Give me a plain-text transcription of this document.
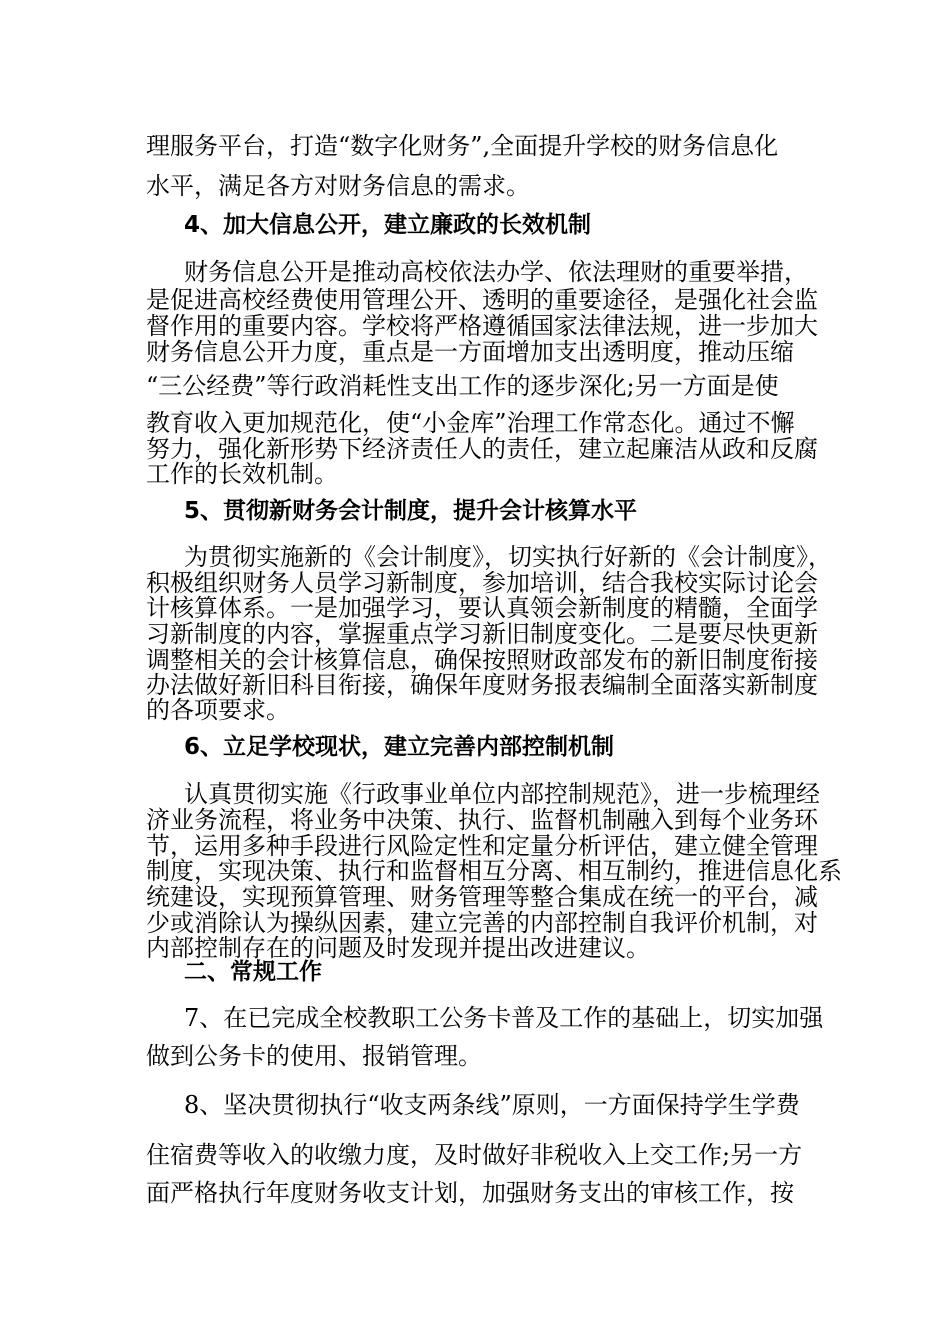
理服务平台，打造“数字化财务”,全面提升学校的财务信息化
水平，满足各方对财务信息的需求。
4、加大信息公开，建立廉政的长效机制
财务信息公开是推动高校依法办学、依法理财的重要举措，
是促进高校经费使用管理公开、透明的重要途径，是强化社会监
督作用的重要内容。学校将严格遵循国家法律法规，进一步加大
财务信息公开力度，重点是一方面增加支出透明度，推动压缩
“三公经费”等行政消耗性支出工作的逐步深化;另一方面是使
教育收入更加规范化，使“小金库”治理工作常态化。通过不懈
努力，强化新形势下经济责任人的责任，建立起廉洁从政和反腐
工作的长效机制。
5、贯彻新财务会计制度，提升会计核算水平
为贯彻实施新的《会计制度》，切实执行好新的《会计制度》，
积极组织财务人员学习新制度，参加培训，结合我校实际讨论会
计核算体系。一是加强学习，要认真领会新制度的精髓，全面学
习新制度的内容，掌握重点学习新旧制度变化。二是要尽快更新
调整相关的会计核算信息，确保按照财政部发布的新旧制度衔接
办法做好新旧科目衔接，确保年度财务报表编制全面落实新制度
的各项要求。
6、立足学校现状，建立完善内部控制机制
认真贯彻实施《行政事业单位内部控制规范》，进一步梳理经
济业务流程，将业务中决策、执行、监督机制融入到每个业务环
节，运用多种手段进行风险定性和定量分析评估，建立健全管理
制度，实现决策、执行和监督相互分离、相互制约，推进信息化系
统建设，实现预算管理、财务管理等整合集成在统一的平台，减
少或消除认为操纵因素，建立完善的内部控制自我评价机制，对
内部控制存在的问题及时发现并提出改进建议。
二、常规工作
7、在已完成全校教职工公务卡普及工作的基础上，切实加强
做到公务卡的使用、报销管理。
8、坚决贯彻执行“收支两条线”原则，一方面保持学生学费
住宿费等收入的收缴力度，及时做好非税收入上交工作;另一方
面严格执行年度财务收支计划，加强财务支出的审核工作，按
